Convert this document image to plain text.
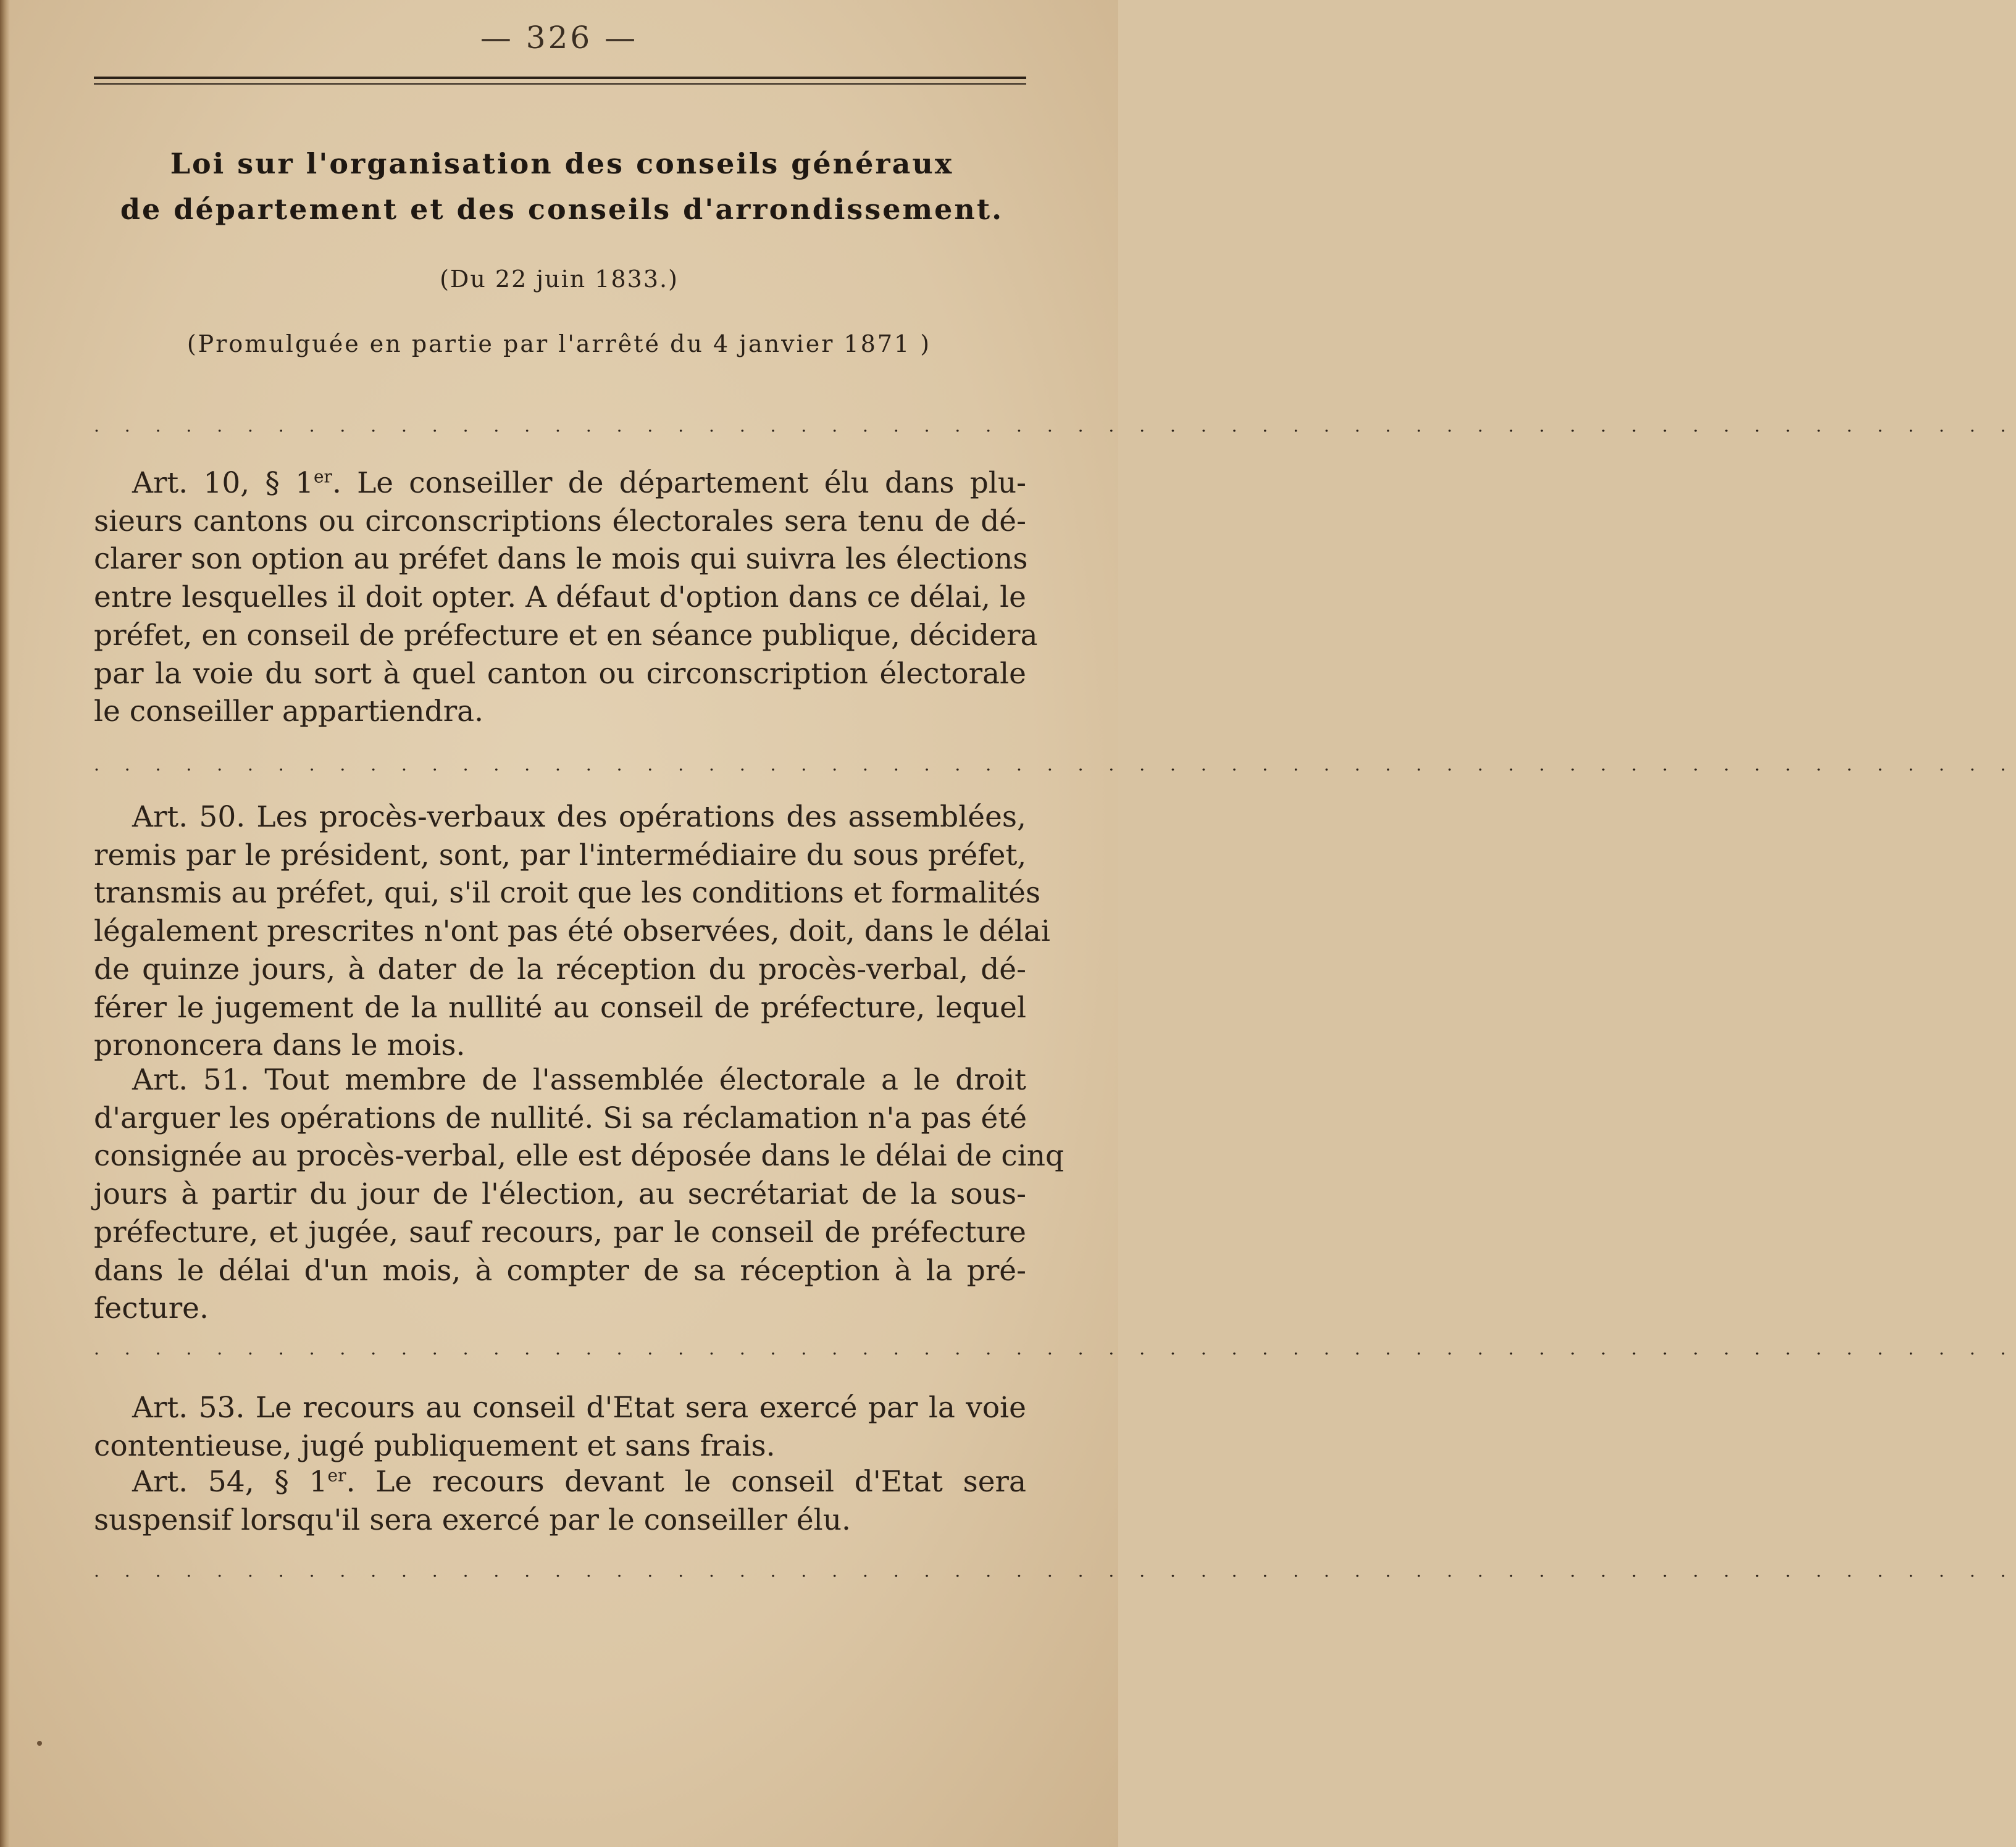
— 326 —
Loi sur l'organisation des conseils généraux
de département et des conseils d'arrondissement.
(Du 22 juin 1833.)
(Promulguée en partie par l'arrêté du 4 janvier 1871 )
. . . . . . . . . . . . . . . . . . . . . . . . . . . . . . . . . . . . . . . . . . . . . . . . . . . . . . . . . . . . . . .
Art. 10, § 1er. Le conseiller de département élu dans plu-
sieurs cantons ou circonscriptions électorales sera tenu de dé-
clarer son option au préfet dans le mois qui suivra les élections
entre lesquelles il doit opter. A défaut d'option dans ce délai, le
préfet, en conseil de préfecture et en séance publique, décidera
par la voie du sort à quel canton ou circonscription électorale
le conseiller appartiendra.
. . . . . . . . . . . . . . . . . . . . . . . . . . . . . . . . . . . . . . . . . . . . . . . . . . . . . . . . . . . . . . .
Art. 50. Les procès-verbaux des opérations des assemblées,
remis par le président, sont, par l'intermédiaire du sous préfet,
transmis au préfet, qui, s'il croit que les conditions et formalités
légalement prescrites n'ont pas été observées, doit, dans le délai
de quinze jours, à dater de la réception du procès-verbal, dé-
férer le jugement de la nullité au conseil de préfecture, lequel
prononcera dans le mois.
Art. 51. Tout membre de l'assemblée électorale a le droit
d'arguer les opérations de nullité. Si sa réclamation n'a pas été
consignée au procès-verbal, elle est déposée dans le délai de cinq
jours à partir du jour de l'élection, au secrétariat de la sous-
préfecture, et jugée, sauf recours, par le conseil de préfecture
dans le délai d'un mois, à compter de sa réception à la pré-
fecture.
. . . . . . . . . . . . . . . . . . . . . . . . . . . . . . . . . . . . . . . . . . . . . . . . . . . . . . . . . . . . . . .
Art. 53. Le recours au conseil d'Etat sera exercé par la voie
contentieuse, jugé publiquement et sans frais.
Art. 54, § 1er. Le recours devant le conseil d'Etat sera
suspensif lorsqu'il sera exercé par le conseiller élu.
. . . . . . . . . . . . . . . . . . . . . . . . . . . . . . . . . . . . . . . . . . . . . . . . . . . . . . . . . . . . . . .
